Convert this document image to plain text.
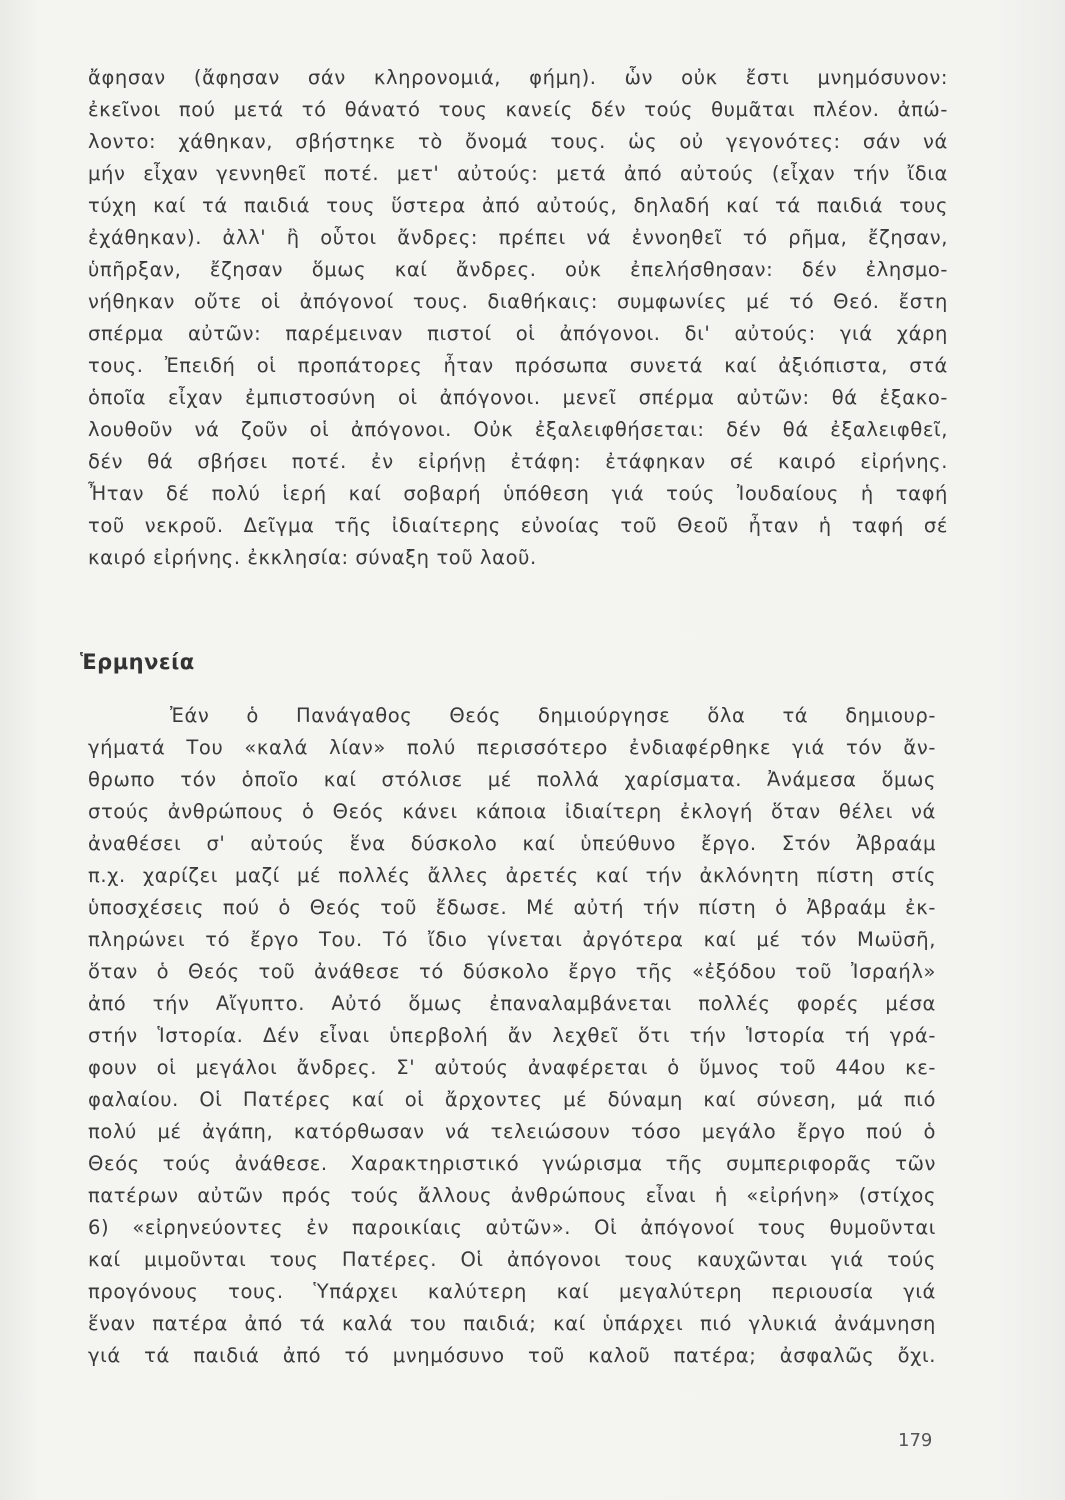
ἄφησαν (ἄφησαν σάν κληρονομιά, φήμη). ὧν οὐκ ἔστι μνημόσυνον:
ἐκεῖνοι πού μετά τό θάνατό τους κανείς δέν τούς θυμᾶται πλέον. ἀπώ-
λοντο: χάθηκαν, σβήστηκε τὸ ὄνομά τους. ὡς οὐ γεγονότες: σάν νά
μήν εἶχαν γεννηθεῖ ποτέ. μετ' αὐτούς: μετά ἀπό αὐτούς (εἶχαν τήν ἴδια
τύχη καί τά παιδιά τους ὕστερα ἀπό αὐτούς, δηλαδή καί τά παιδιά τους
ἐχάθηκαν). ἀλλ' ἢ οὗτοι ἄνδρες: πρέπει νά ἐννοηθεῖ τό ρῆμα, ἔζησαν,
ὑπῆρξαν, ἔζησαν ὅμως καί ἄνδρες. οὐκ ἐπελήσθησαν: δέν ἐλησμο-
νήθηκαν οὔτε οἱ ἀπόγονοί τους. διαθήκαις: συμφωνίες μέ τό Θεό. ἔστη
σπέρμα αὐτῶν: παρέμειναν πιστοί οἱ ἀπόγονοι. δι' αὐτούς: γιά χάρη
τους. Ἐπειδή οἱ προπάτορες ἦταν πρόσωπα συνετά καί ἀξιόπιστα, στά
ὁποῖα εἶχαν ἐμπιστοσύνη οἱ ἀπόγονοι. μενεῖ σπέρμα αὐτῶν: θά ἐξακο-
λουθοῦν νά ζοῦν οἱ ἀπόγονοι. Οὐκ ἐξαλειφθήσεται: δέν θά ἐξαλειφθεῖ,
δέν θά σβήσει ποτέ. ἐν εἰρήνῃ ἐτάφη: ἐτάφηκαν σέ καιρό εἰρήνης.
Ἦταν δέ πολύ ἱερή καί σοβαρή ὑπόθεση γιά τούς Ἰουδαίους ἡ ταφή
τοῦ νεκροῦ. Δεῖγμα τῆς ἰδιαίτερης εὐνοίας τοῦ Θεοῦ ἦταν ἡ ταφή σέ
καιρό εἰρήνης. ἐκκλησία: σύναξη τοῦ λαοῦ.
Ἑρμηνεία
Ἐάν ὁ Πανάγαθος Θεός δημιούργησε ὅλα τά δημιουρ-
γήματά Του «καλά λίαν» πολύ περισσότερο ἐνδιαφέρθηκε γιά τόν ἄν-
θρωπο τόν ὁποῖο καί στόλισε μέ πολλά χαρίσματα. Ἀνάμεσα ὅμως
στούς ἀνθρώπους ὁ Θεός κάνει κάποια ἰδιαίτερη ἐκλογή ὅταν θέλει νά
ἀναθέσει σ' αὐτούς ἕνα δύσκολο καί ὑπεύθυνο ἔργο. Στόν Ἀβραάμ
π.χ. χαρίζει μαζί μέ πολλές ἄλλες ἀρετές καί τήν ἀκλόνητη πίστη στίς
ὑποσχέσεις πού ὁ Θεός τοῦ ἔδωσε. Μέ αὐτή τήν πίστη ὁ Ἀβραάμ ἐκ-
πληρώνει τό ἔργο Του. Τό ἴδιο γίνεται ἀργότερα καί μέ τόν Μωϋσῆ,
ὅταν ὁ Θεός τοῦ ἀνάθεσε τό δύσκολο ἔργο τῆς «ἐξόδου τοῦ Ἰσραήλ»
ἀπό τήν Αἴγυπτο. Αὐτό ὅμως ἐπαναλαμβάνεται πολλές φορές μέσα
στήν Ἱστορία. Δέν εἶναι ὑπερβολή ἄν λεχθεῖ ὅτι τήν Ἱστορία τή γρά-
φουν οἱ μεγάλοι ἄνδρες. Σ' αὐτούς ἀναφέρεται ὁ ὕμνος τοῦ 44ου κε-
φαλαίου. Οἱ Πατέρες καί οἱ ἄρχοντες μέ δύναμη καί σύνεση, μά πιό
πολύ μέ ἀγάπη, κατόρθωσαν νά τελειώσουν τόσο μεγάλο ἔργο πού ὁ
Θεός τούς ἀνάθεσε. Χαρακτηριστικό γνώρισμα τῆς συμπεριφορᾶς τῶν
πατέρων αὐτῶν πρός τούς ἄλλους ἀνθρώπους εἶναι ἡ «εἰρήνη» (στίχος
6) «εἰρηνεύοντες ἐν παροικίαις αὐτῶν». Οἱ ἀπόγονοί τους θυμοῦνται
καί μιμοῦνται τους Πατέρες. Οἱ ἀπόγονοι τους καυχῶνται γιά τούς
προγόνους τους. Ὑπάρχει καλύτερη καί μεγαλύτερη περιουσία γιά
ἕναν πατέρα ἀπό τά καλά του παιδιά; καί ὑπάρχει πιό γλυκιά ἀνάμνηση
γιά τά παιδιά ἀπό τό μνημόσυνο τοῦ καλοῦ πατέρα; ἀσφαλῶς ὄχι.
179
